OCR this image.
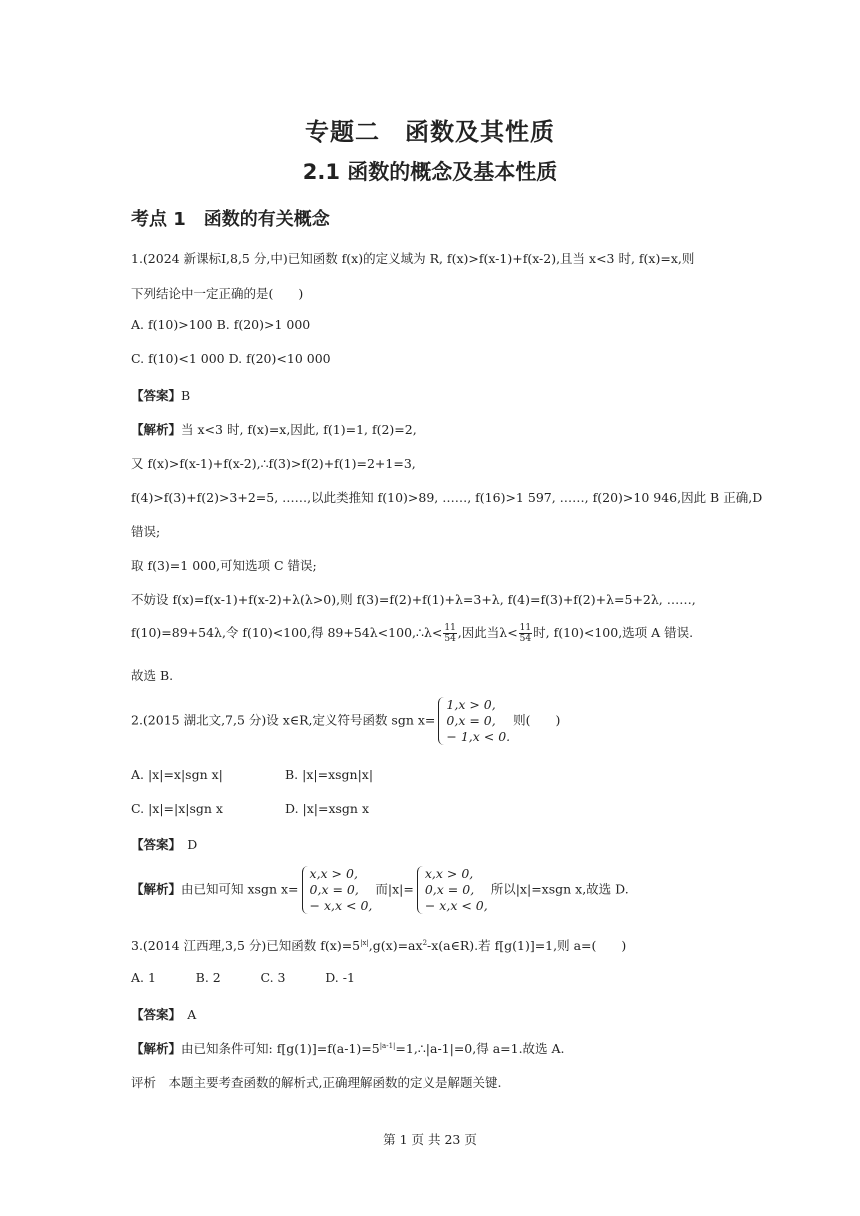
专题二　函数及其性质
2.1 函数的概念及基本性质
考点 1　函数的有关概念
1.(2024 新课标Ⅰ,8,5 分,中)已知函数 f(x)的定义域为 R, f(x)>f(x-1)+f(x-2),且当 x<3 时, f(x)=x,则
下列结论中一定正确的是(　　)
A. f(10)>100 B. f(20)>1 000
C. f(10)<1 000 D. f(20)<10 000
【答案】B
【解析】当 x<3 时, f(x)=x,因此, f(1)=1, f(2)=2,
又 f(x)>f(x-1)+f(x-2),∴f(3)>f(2)+f(1)=2+1=3,
f(4)>f(3)+f(2)>3+2=5, ……,以此类推知 f(10)>89, ……, f(16)>1 597, ……, f(20)>10 946,因此 B 正确,D
错误;
取 f(3)=1 000,可知选项 C 错误;
不妨设 f(x)=f(x-1)+f(x-2)+λ(λ>0),则 f(3)=f(2)+f(1)+λ=3+λ, f(4)=f(3)+f(2)+λ=5+2λ, ……,
f(10)=89+54λ,令 f(10)<100,得 89+54λ<100,∴λ< $\frac{11}{54}$ ,因此当$\lambda< \frac{11}{54}$ 时, f(10)<100,选项 A 错误.
故选 B.
2.(2015 湖北文,7,5 分)设 x∈R,定义符号函数 sgn x=
1,x > 0,
0,x = 0,
− 1,x < 0.
则(　　)
A. |x|=x|sgn x|	B. |x|=xsgn|x|
C. |x|=|x|sgn x	D. |x|=xsgn x
【答案】　 D
【解析】由已知可知 xsgn x=
x,x > 0,
0,x = 0,
− x,x < 0,
而|x|=
x,x > 0,
0,x = 0,
− x,x < 0,
所以|x|=xsgn x,故选 D.
3.(2014 江西理,3,5 分)已知函数 $f(x)=5^{|x|},g(x)=ax^2-x(a\in R)$.若 f[g(1)]=1,则 a=(　　)
A. 1          B. 2          C. 3          D. -1
【答案】　 A
【解析】由已知条件可知: $f[g(1)]=f(a-1)=5^{|a-1|}=1,\therefore|a-1|=0$,得 a=1.故选 A.
评析　本题主要考查函数的解析式,正确理解函数的定义是解题关键.
第 1 页 共 23 页
